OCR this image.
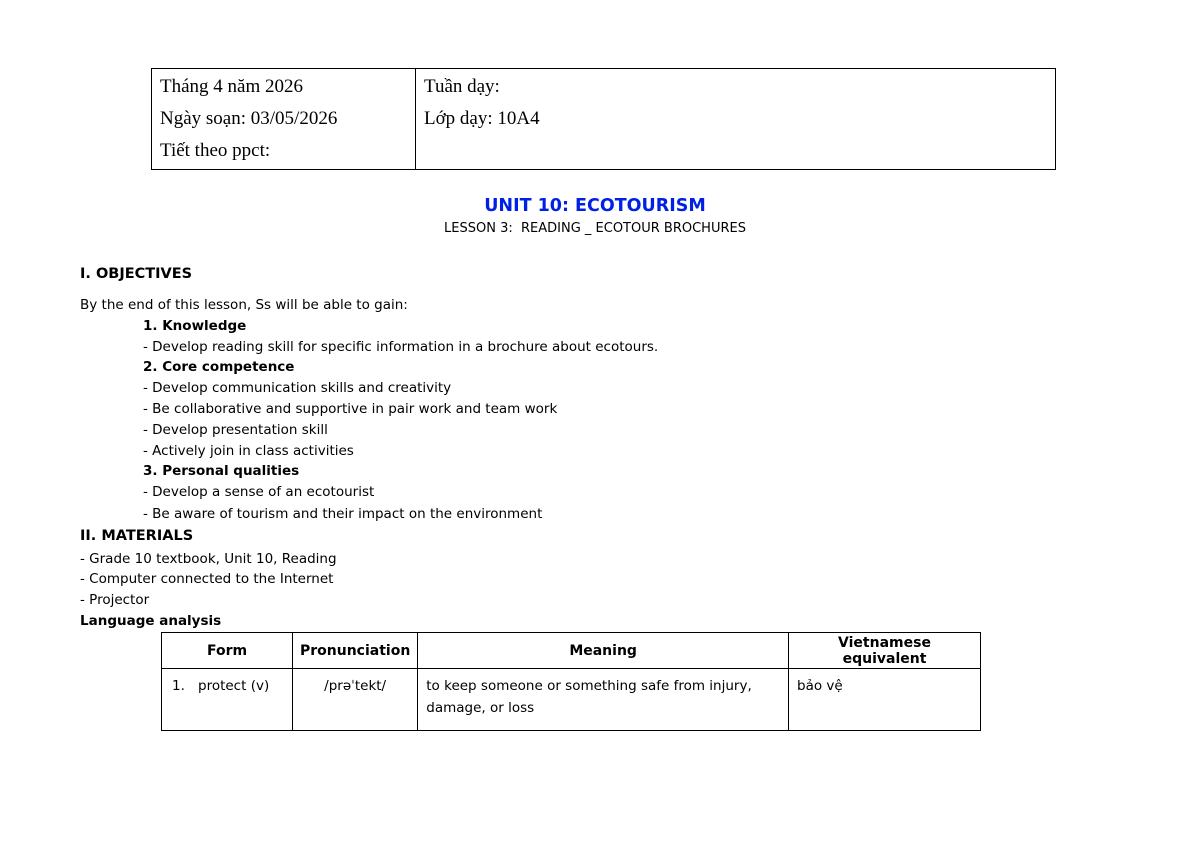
Tháng 4 năm 2026
Ngày soạn: 03/05/2026
Tiết theo ppct:

Tuần dạy:
Lớp dạy: 10A4
UNIT 10: ECOTOURISM
LESSON 3:  READING _ ECOTOUR BROCHURES
I. OBJECTIVES
By the end of this lesson, Ss will be able to gain:
1. Knowledge
- Develop reading skill for specific information in a brochure about ecotours.
2. Core competence
- Develop communication skills and creativity
- Be collaborative and supportive in pair work and team work
- Develop presentation skill
- Actively join in class activities
3. Personal qualities
- Develop a sense of an ecotourist
- Be aware of tourism and their impact on the environment
II. MATERIALS
- Grade 10 textbook, Unit 10, Reading
- Computer connected to the Internet
- Projector
Language analysis
Form	Pronunciation	Meaning	Vietnamese equivalent
1. protect (v)	/prəˈtekt/	to keep someone or something safe from injury, damage, or loss	bảo vệ
